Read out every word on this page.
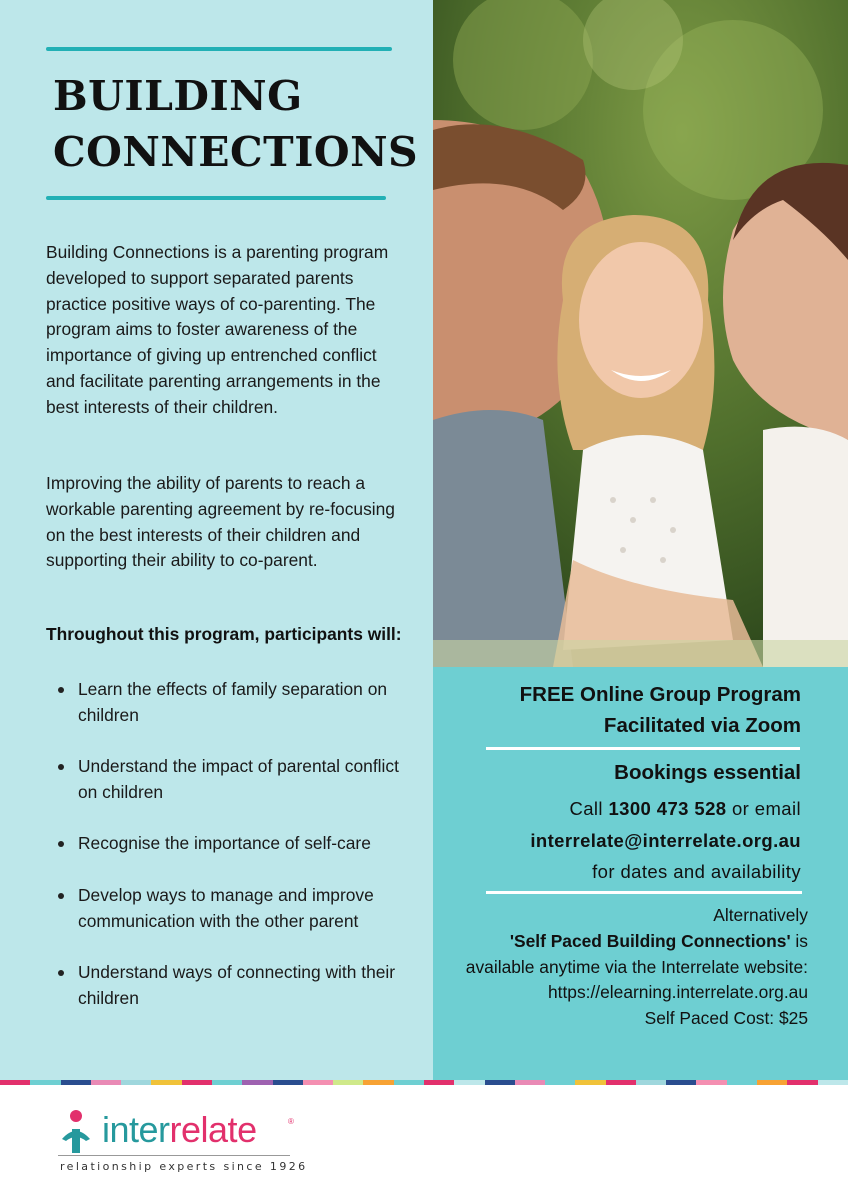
BUILDING
CONNECTIONS

Building Connections is a parenting program developed to support separated parents practice positive ways of co-parenting. The program aims to foster awareness of the importance of giving up entrenched conflict and facilitate parenting arrangements in the best interests of their children.

Improving the ability of parents to reach a workable parenting agreement by re-focusing on the best interests of their children and supporting their ability to co-parent.

Throughout this program, participants will:
Learn the effects of family separation on children
Understand the impact of parental conflict on children
Recognise the importance of self-care
Develop ways to manage and improve communication with the other parent
Understand ways of connecting with their children
FREE Online Group Program
Facilitated via Zoom
Bookings essential
Call 1300 473 528 or email
interrelate@interrelate.org.au
for dates and availability
Alternatively
'Self Paced Building Connections' is
available anytime via the Interrelate website:
https://elearning.interrelate.org.au
Self Paced Cost: $25
interrelate	®
relationship experts since 1926
